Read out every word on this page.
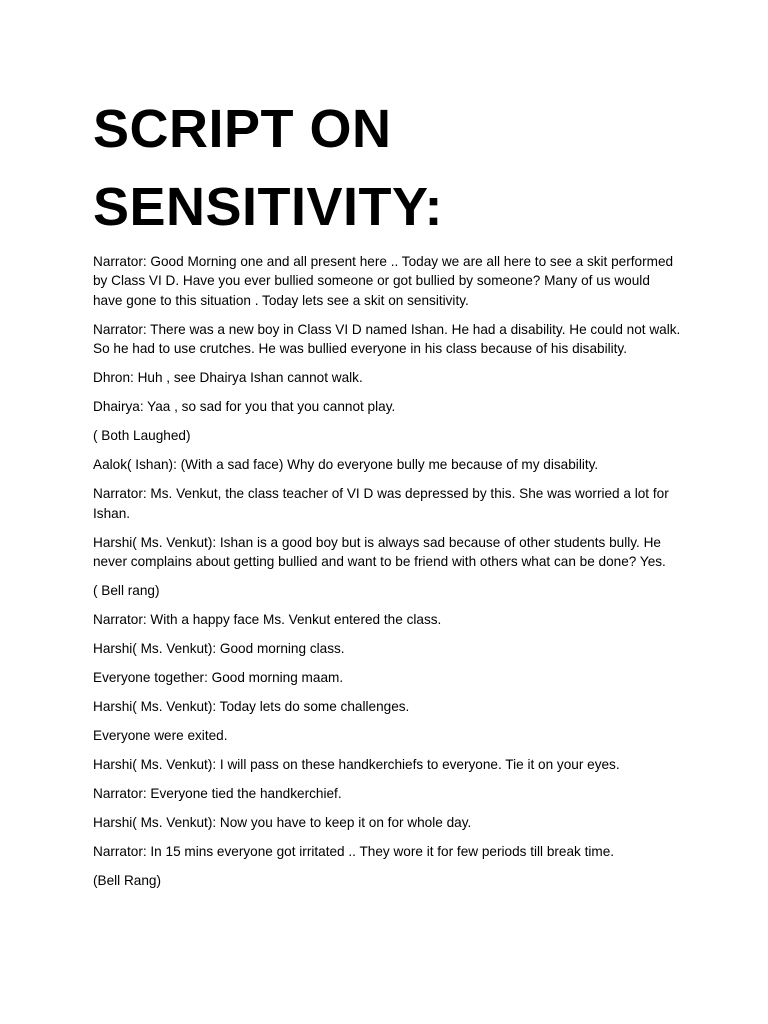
SCRIPT ON
SENSITIVITY:

Narrator: Good Morning one and all present here .. Today we are all here to see a skit performed by Class VI D. Have you ever bullied someone or got bullied by someone? Many of us would have gone to this situation . Today lets see a skit on sensitivity.

Narrator: There was a new boy in Class VI D named Ishan. He had a disability. He could not walk. So he had to use crutches. He was bullied everyone in his class because of his disability.

Dhron: Huh , see Dhairya Ishan cannot walk.

Dhairya: Yaa , so sad for you that you cannot play.

( Both Laughed)

Aalok( Ishan): (With a sad face) Why do everyone bully me because of my disability.

Narrator: Ms. Venkut, the class teacher of VI D was depressed by this. She was worried a lot for Ishan.

Harshi( Ms. Venkut): Ishan is a good boy but is always sad because of other students bully. He never complains about getting bullied and want to be friend with others what can be done? Yes.

( Bell rang)

Narrator: With a happy face Ms. Venkut entered the class.

Harshi( Ms. Venkut): Good morning class.

Everyone together: Good morning maam.

Harshi( Ms. Venkut): Today lets do some challenges.

Everyone were exited.

Harshi( Ms. Venkut): I will pass on these handkerchiefs to everyone. Tie it on your eyes.

Narrator: Everyone tied the handkerchief.

Harshi( Ms. Venkut): Now you have to keep it on for whole day.

Narrator: In 15 mins everyone got irritated .. They wore it for few periods till break time.

(Bell Rang)
